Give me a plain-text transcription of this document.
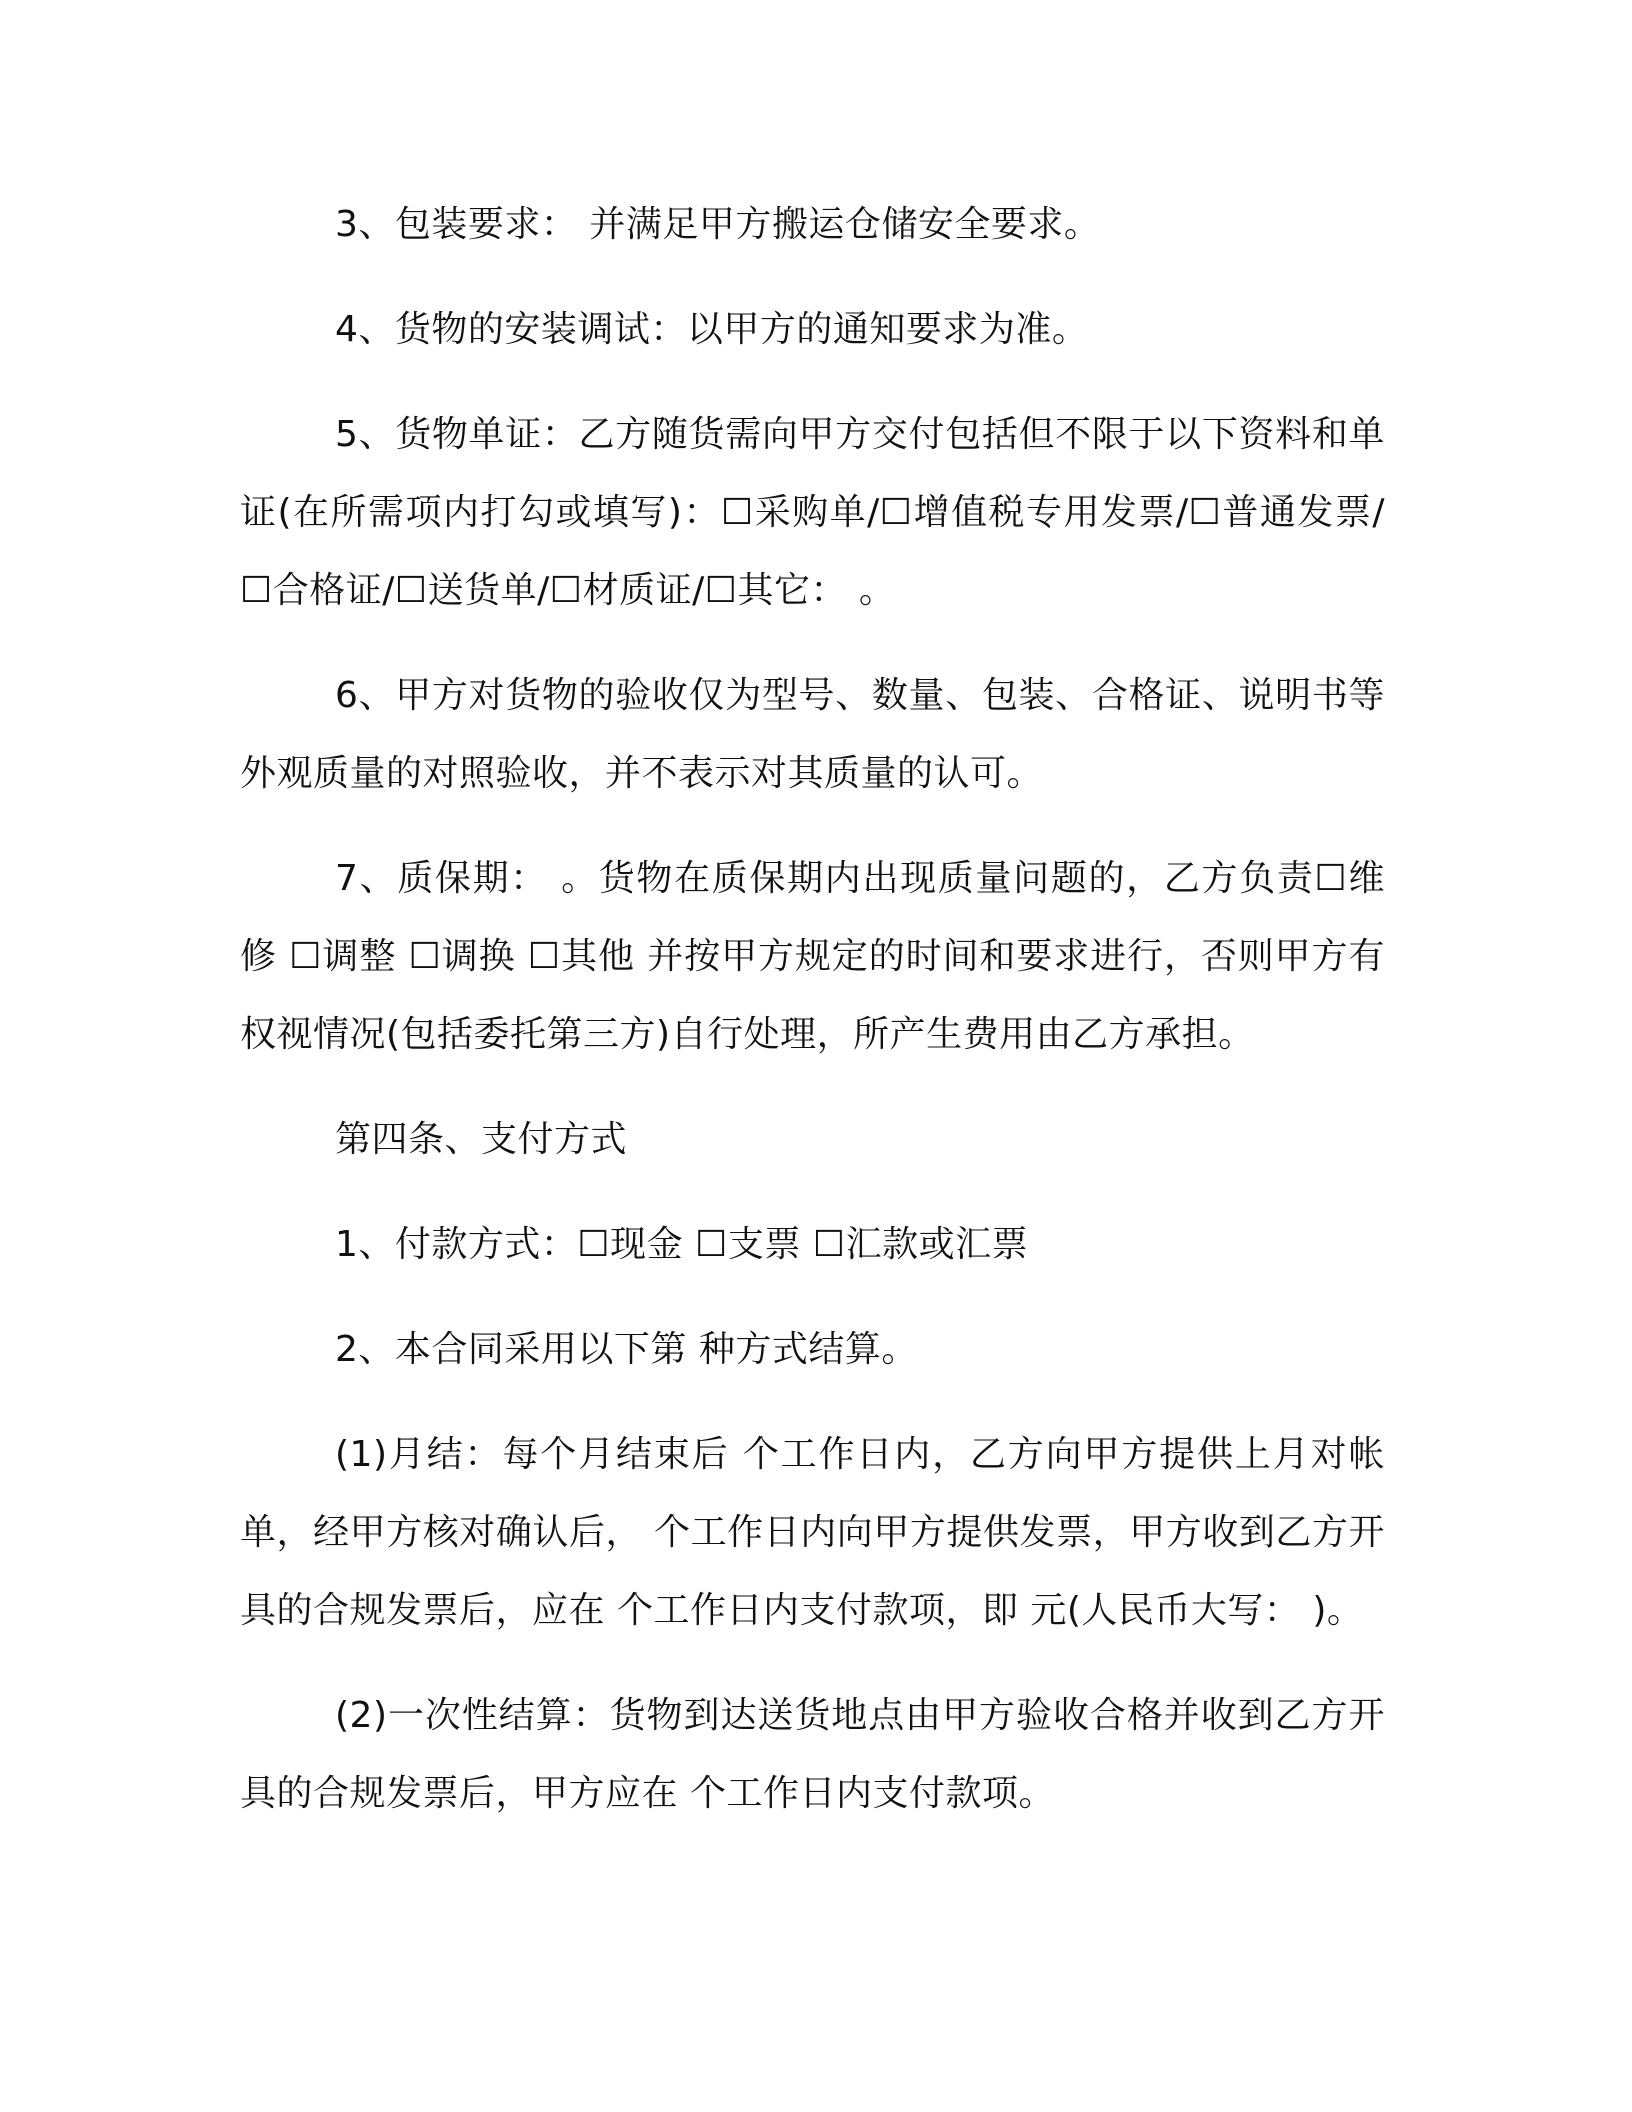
3、包装要求： 并满足甲方搬运仓储安全要求。

4、货物的安装调试：以甲方的通知要求为准。

5、货物单证：乙方随货需向甲方交付包括但不限于以下资料和单证(在所需项内打勾或填写)：☐采购单/☐增值税专用发票/☐普通发票/☐合格证/☐送货单/☐材质证/☐其它： 。

6、甲方对货物的验收仅为型号、数量、包装、合格证、说明书等外观质量的对照验收，并不表示对其质量的认可。

7、质保期： 。货物在质保期内出现质量问题的，乙方负责☐维修 ☐调整 ☐调换 ☐其他 并按甲方规定的时间和要求进行，否则甲方有权视情况(包括委托第三方)自行处理，所产生费用由乙方承担。

第四条、支付方式

1、付款方式：☐现金 ☐支票 ☐汇款或汇票

2、本合同采用以下第 种方式结算。

(1)月结：每个月结束后 个工作日内，乙方向甲方提供上月对帐单，经甲方核对确认后， 个工作日内向甲方提供发票，甲方收到乙方开具的合规发票后，应在 个工作日内支付款项，即 元(人民币大写： )。

(2)一次性结算：货物到达送货地点由甲方验收合格并收到乙方开具的合规发票后，甲方应在 个工作日内支付款项。
